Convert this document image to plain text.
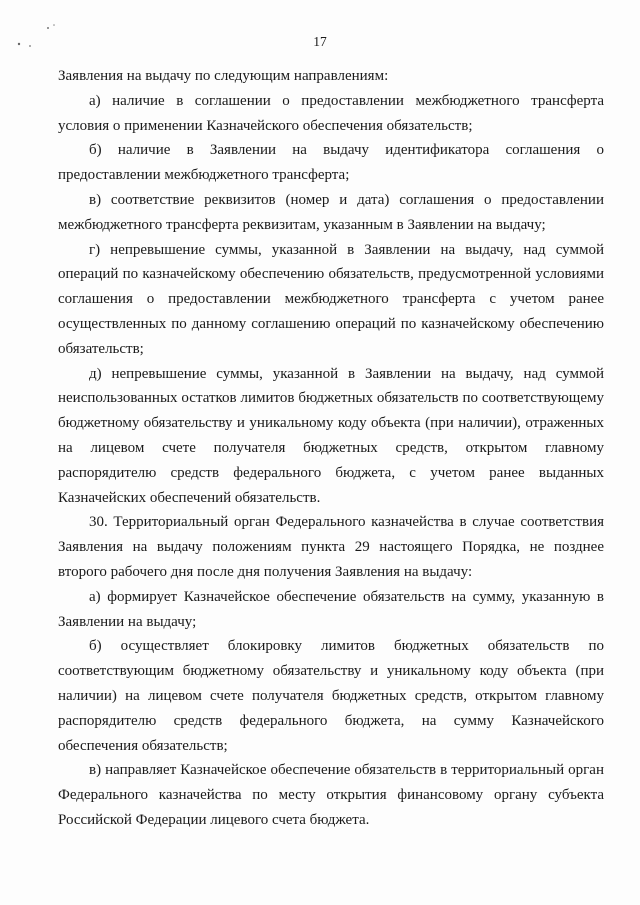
17

Заявления на выдачу по следующим направлениям:

а) наличие в соглашении о предоставлении межбюджетного трансферта условия о применении Казначейского обеспечения обязательств;

б) наличие в Заявлении на выдачу идентификатора соглашения о предоставлении межбюджетного трансферта;

в) соответствие реквизитов (номер и дата) соглашения о предоставлении межбюджетного трансферта реквизитам, указанным в Заявлении на выдачу;

г) непревышение суммы, указанной в Заявлении на выдачу, над суммой операций по казначейскому обеспечению обязательств, предусмотренной условиями соглашения о предоставлении межбюджетного трансферта с учетом ранее осуществленных по данному соглашению операций по казначейскому обеспечению обязательств;

д) непревышение суммы, указанной в Заявлении на выдачу, над суммой неиспользованных остатков лимитов бюджетных обязательств по соответствующему бюджетному обязательству и уникальному коду объекта (при наличии), отраженных на лицевом счете получателя бюджетных средств, открытом главному распорядителю средств федерального бюджета, с учетом ранее выданных Казначейских обеспечений обязательств.

30. Территориальный орган Федерального казначейства в случае соответствия Заявления на выдачу положениям пункта 29 настоящего Порядка, не позднее второго рабочего дня после дня получения Заявления на выдачу:

а) формирует Казначейское обеспечение обязательств на сумму, указанную в Заявлении на выдачу;

б) осуществляет блокировку лимитов бюджетных обязательств по соответствующим бюджетному обязательству и уникальному коду объекта (при наличии) на лицевом счете получателя бюджетных средств, открытом главному распорядителю средств федерального бюджета, на сумму Казначейского обеспечения обязательств;

в) направляет Казначейское обеспечение обязательств в территориальный орган Федерального казначейства по месту открытия финансовому органу субъекта Российской Федерации лицевого счета бюджета.
